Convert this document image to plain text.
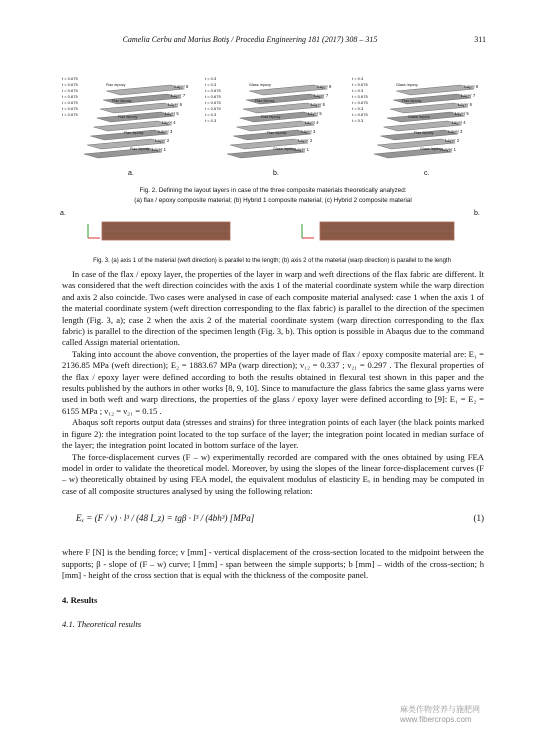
Camelia Cerbu and Marius Botiş / Procedia Engineering 181 (2017) 308 – 315	311
Layer 1
Layer 2
Layer 3
Layer 4
Layer 5
Layer 6
Layer 7
Layer 8
t = 0.675
t = 0.675
t = 0.675
t = 0.675
t = 0.675
t = 0.675
t = 0.675
Flax /epoxy
Flax /epoxy
Flax /epoxy
Flax /epoxy
Flax /epoxy	Layer 1
Layer 2
Layer 3
Layer 4
Layer 5
Layer 6
Layer 7
Layer 8
t = 0.3
t = 0.3
t = 0.675
t = 0.675
t = 0.675
t = 0.675
t = 0.3
t = 0.3
Glass /epoxy
Flax /epoxy
Flax /epoxy
Flax /epoxy
Glass /epoxy	Layer 1
Layer 2
Layer 3
Layer 4
Layer 5
Layer 6
Layer 7
Layer 8
t = 0.3
t = 0.675
t = 0.3
t = 0.675
t = 0.675
t = 0.3
t = 0.675
t = 0.3
Glass /epoxy
Flax /epoxy
Glass /epoxy
Flax /epoxy
Glass /epoxy
a.	b.	c.
Fig. 2. Defining the layout layers in case of the three composite materials theoretically analyzed:
(a) flax / epoxy composite material; (b) Hybrid 1 composite material; (c) Hybrid 2 composite material
a.	b.
Fig. 3. (a) axis 1 of the material (weft direction) is parallel to the length; (b) axis 2 of the material (warp direction) is parallel to the length

In case of the flax / epoxy layer, the properties of the layer in warp and weft directions of the flax fabric are different. It was considered that the weft direction coincides with the axis 1 of the material coordinate system while the warp direction and axis 2 also coincide. Two cases were analysed in case of each composite material analysed: case 1 when the axis 1 of the material coordinate system (weft direction corresponding to the flax fabric) is parallel to the direction of the specimen length (Fig. 3, a); case 2 when the axis 2 of the material coordinate system (warp direction corresponding to the flax fabric) is parallel to the direction of the specimen length (Fig. 3, b). This option is possible in Abaqus due to the command called Assign material orientation.

Taking into account the above convention, the properties of the layer made of flax / epoxy composite material are: E₁ = 2136.85 MPa (weft direction); E₂ = 1883.67 MPa (warp direction); ν₁₂ = 0.337 ; ν₂₁ = 0.297 . The flexural properties of the flax / epoxy layer were defined according to both the results obtained in flexural test shown in this paper and the results published by the authors in other works [8, 9, 10]. Since to manufacture the glass fabrics the same glass yarns were used in both weft and warp directions, the properties of the glass / epoxy layer were defined according to [9]: E₁ = E₂ = 6155 MPa ; ν₁₂ = ν₂₁ = 0.15 .

Abaqus soft reports output data (stresses and strains) for three integration points of each layer (the black points marked in figure 2): the integration point located to the top surface of the layer; the integration point located in median surface of the layer; the integration point located in bottom surface of the layer.

The force-displacement curves (F – w) experimentally recorded are compared with the ones obtained by using FEA model in order to validate the theoretical model. Moreover, by using the slopes of the linear force-displacement curves (F – w) theoretically obtained by using FEA model, the equivalent modulus of elasticity Eₓ in bending may be computed in case of all composite structures analysed by using the following relation:

Eₓ = (F / v) · l³ / (48 I_z) = tgβ · l³ / (4bh³) [MPa]	(1)

where F [N] is the bending force; v [mm] - vertical displacement of the cross-section located to the midpoint between the supports; β - slope of (F – w) curve; l [mm] - span between the simple supports; b [mm] – width of the cross-section; h [mm] - height of the cross section that is equal with the thickness of the composite panel.

4. Results
4.1. Theoretical results
麻类作物营养与施肥网
www.fibercrops.com
